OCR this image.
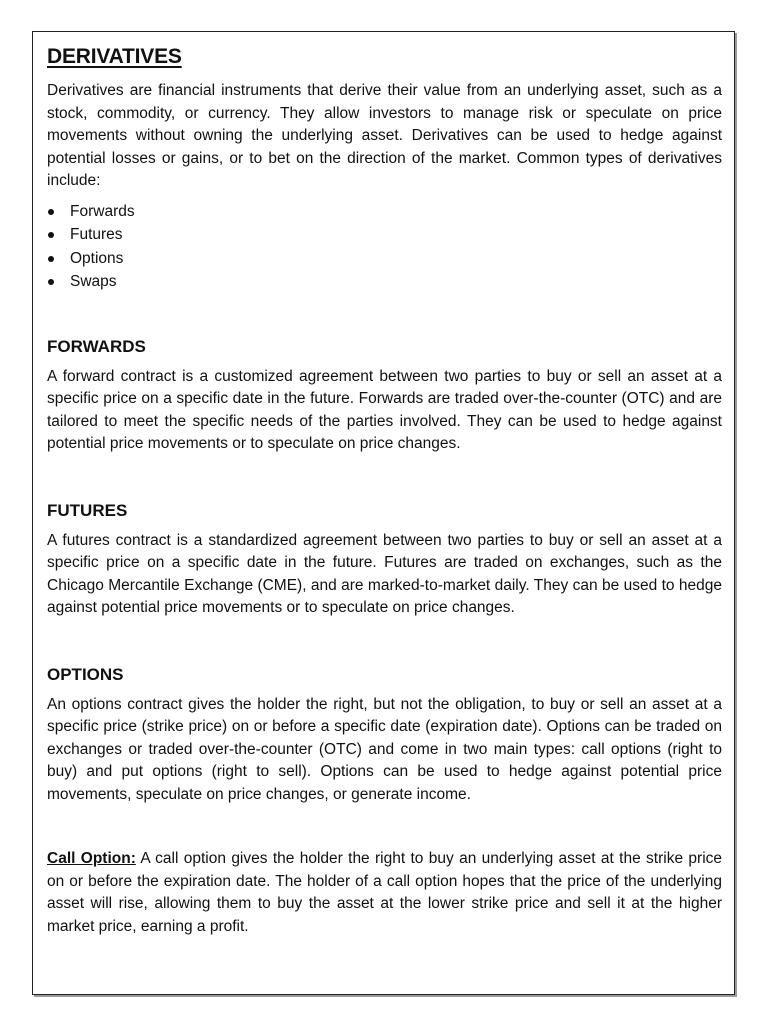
DERIVATIVES

Derivatives are financial instruments that derive their value from an underlying asset, such as a stock, commodity, or currency. They allow investors to manage risk or speculate on price movements without owning the underlying asset. Derivatives can be used to hedge against potential losses or gains, or to bet on the direction of the market. Common types of derivatives include:

Forwards
Futures
Options
Swaps
FORWARDS

A forward contract is a customized agreement between two parties to buy or sell an asset at a specific price on a specific date in the future. Forwards are traded over-the-counter (OTC) and are tailored to meet the specific needs of the parties involved. They can be used to hedge against potential price movements or to speculate on price changes.

FUTURES

A futures contract is a standardized agreement between two parties to buy or sell an asset at a specific price on a specific date in the future. Futures are traded on exchanges, such as the Chicago Mercantile Exchange (CME), and are marked-to-market daily. They can be used to hedge against potential price movements or to speculate on price changes.

OPTIONS

An options contract gives the holder the right, but not the obligation, to buy or sell an asset at a specific price (strike price) on or before a specific date (expiration date). Options can be traded on exchanges or traded over-the-counter (OTC) and come in two main types: call options (right to buy) and put options (right to sell). Options can be used to hedge against potential price movements, speculate on price changes, or generate income.

Call Option: A call option gives the holder the right to buy an underlying asset at the strike price on or before the expiration date. The holder of a call option hopes that the price of the underlying asset will rise, allowing them to buy the asset at the lower strike price and sell it at the higher market price, earning a profit.
